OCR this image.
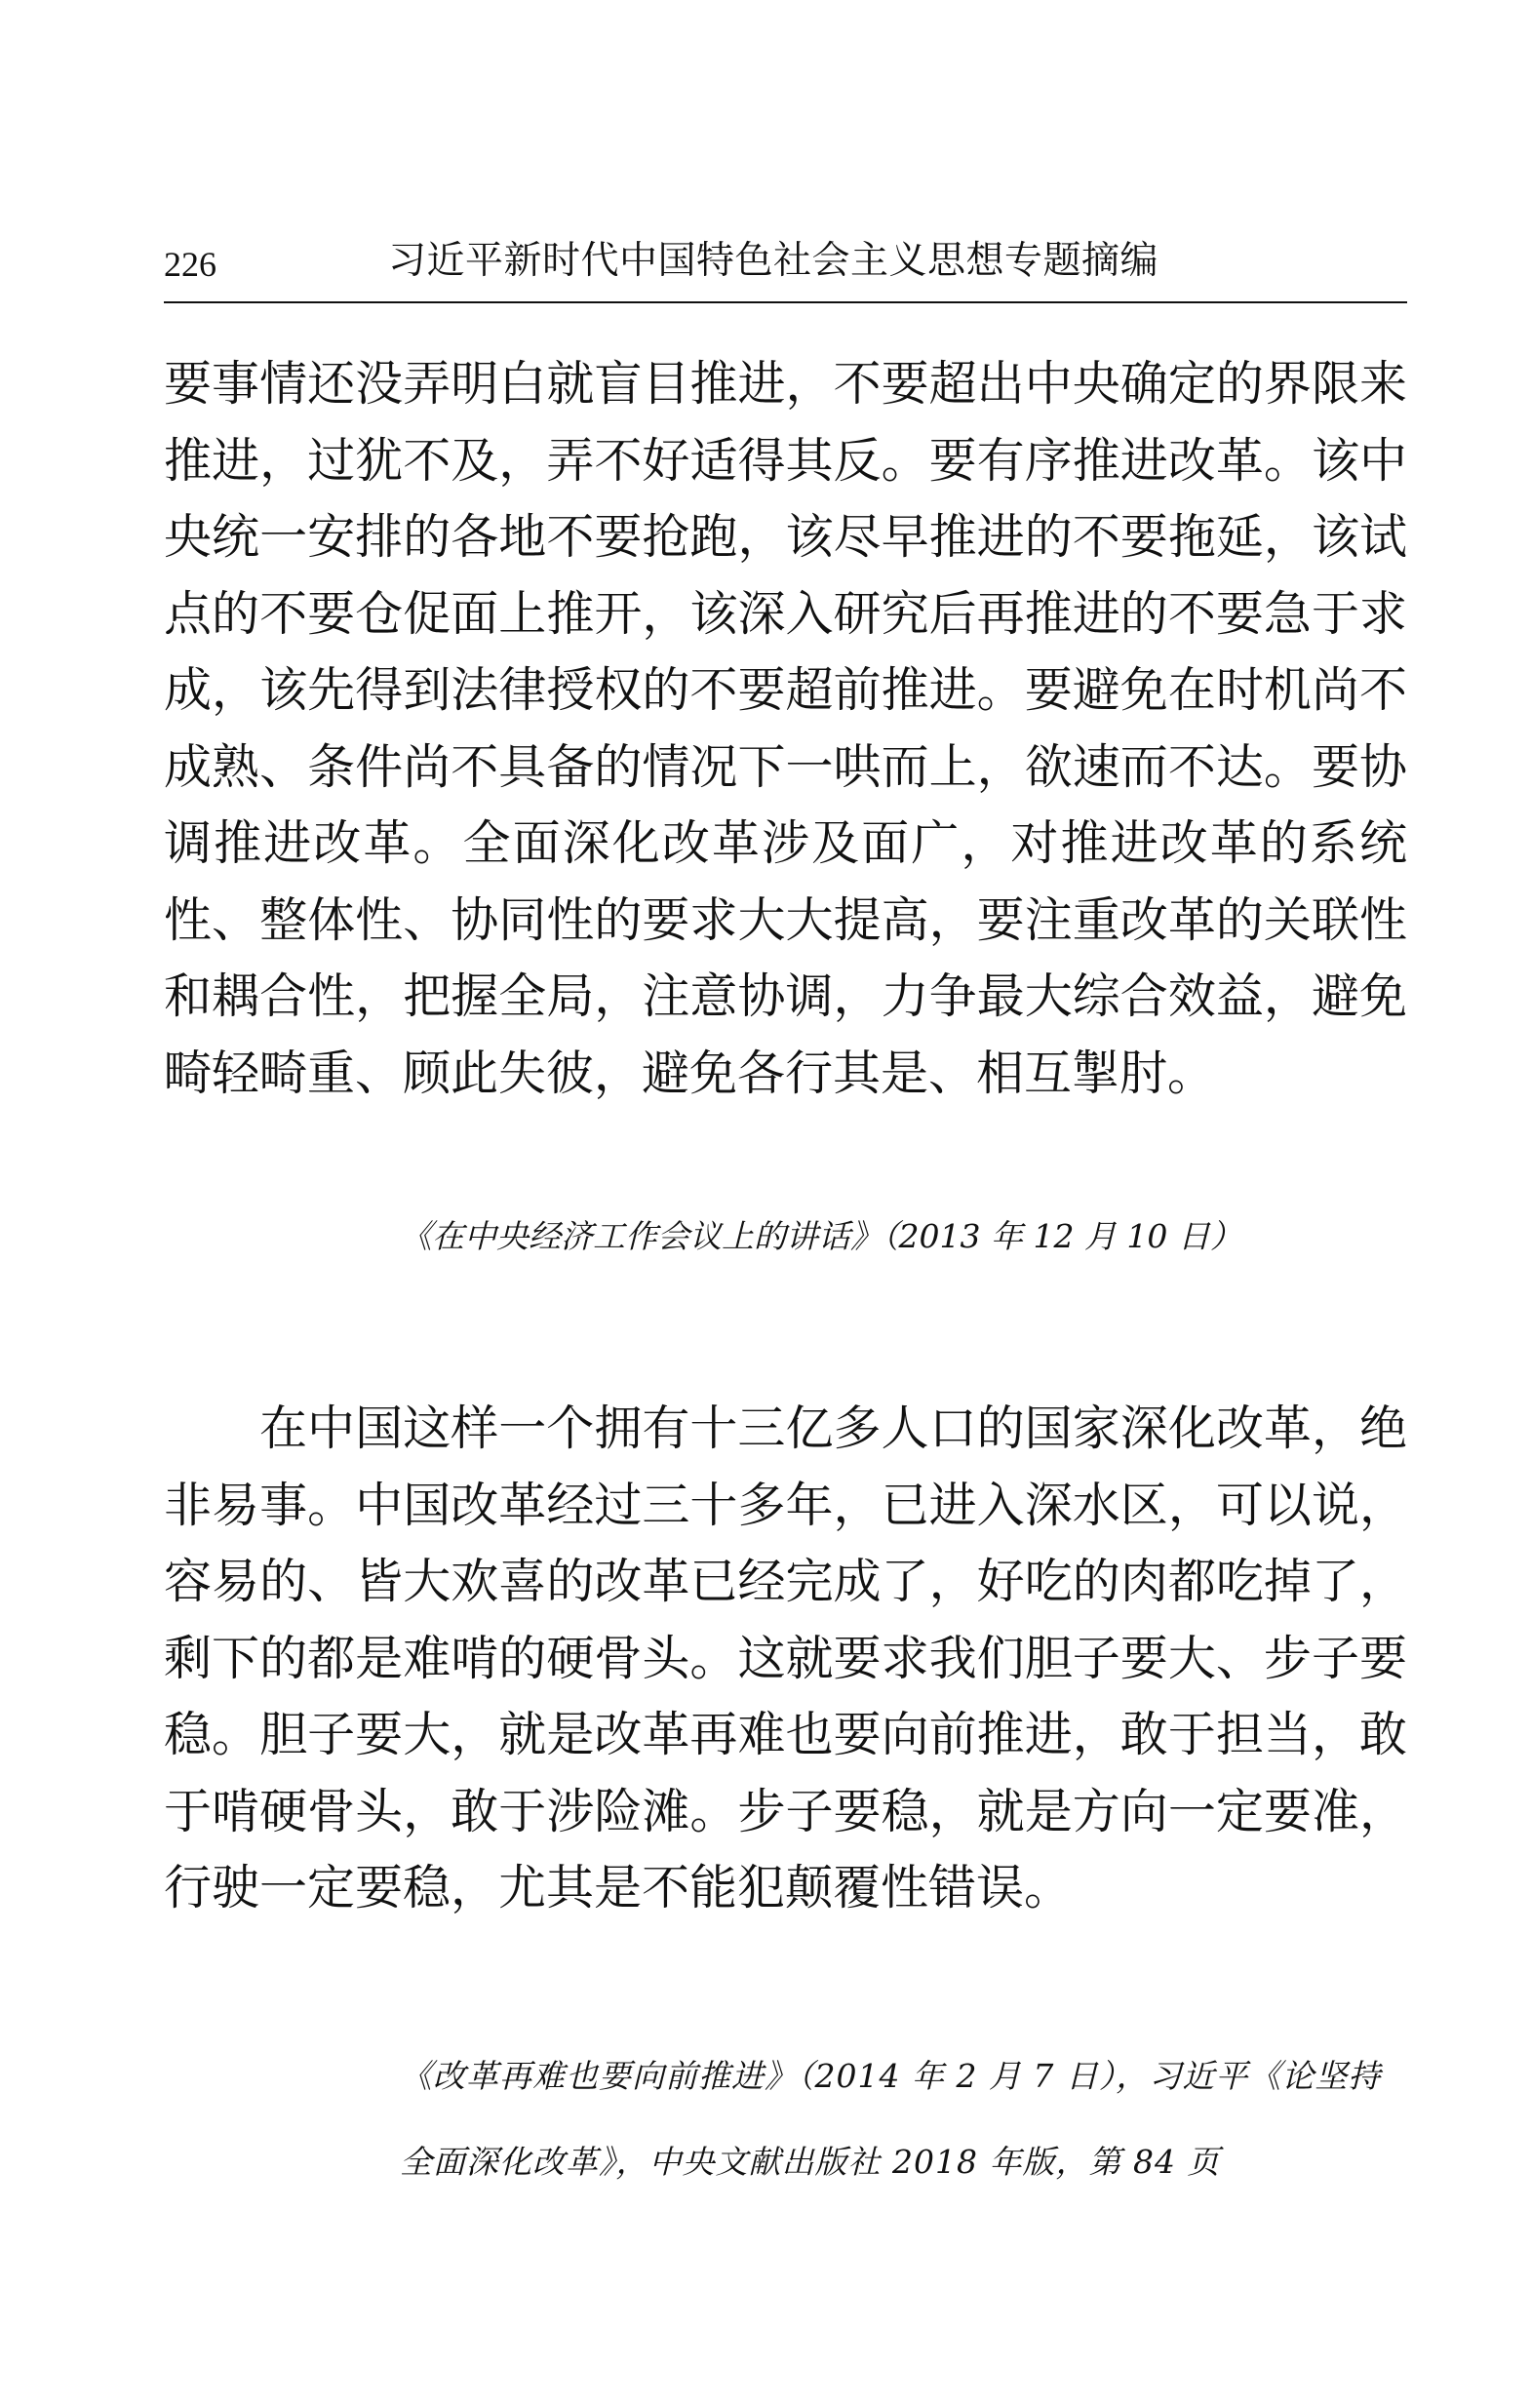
226	习近平新时代中国特色社会主义思想专题摘编

要事情还没弄明白就盲目推进，不要超出中央确定的界限来推进，过犹不及，弄不好适得其反。要有序推进改革。该中央统一安排的各地不要抢跑，该尽早推进的不要拖延，该试点的不要仓促面上推开，该深入研究后再推进的不要急于求成，该先得到法律授权的不要超前推进。要避免在时机尚不成熟、条件尚不具备的情况下一哄而上，欲速而不达。要协调推进改革。全面深化改革涉及面广，对推进改革的系统性、整体性、协同性的要求大大提高，要注重改革的关联性和耦合性，把握全局，注意协调，力争最大综合效益，避免畸轻畸重、顾此失彼，避免各行其是、相互掣肘。

《在中央经济工作会议上的讲话》（2013 年 12 月 10 日）

在中国这样一个拥有十三亿多人口的国家深化改革，绝非易事。中国改革经过三十多年，已进入深水区，可以说，容易的、皆大欢喜的改革已经完成了，好吃的肉都吃掉了，剩下的都是难啃的硬骨头。这就要求我们胆子要大、步子要稳。胆子要大，就是改革再难也要向前推进，敢于担当，敢于啃硬骨头，敢于涉险滩。步子要稳，就是方向一定要准，行驶一定要稳，尤其是不能犯颠覆性错误。

《改革再难也要向前推进》（2014 年 2 月 7 日），习近平《论坚持全面深化改革》，中央文献出版社 2018 年版，第 84 页
